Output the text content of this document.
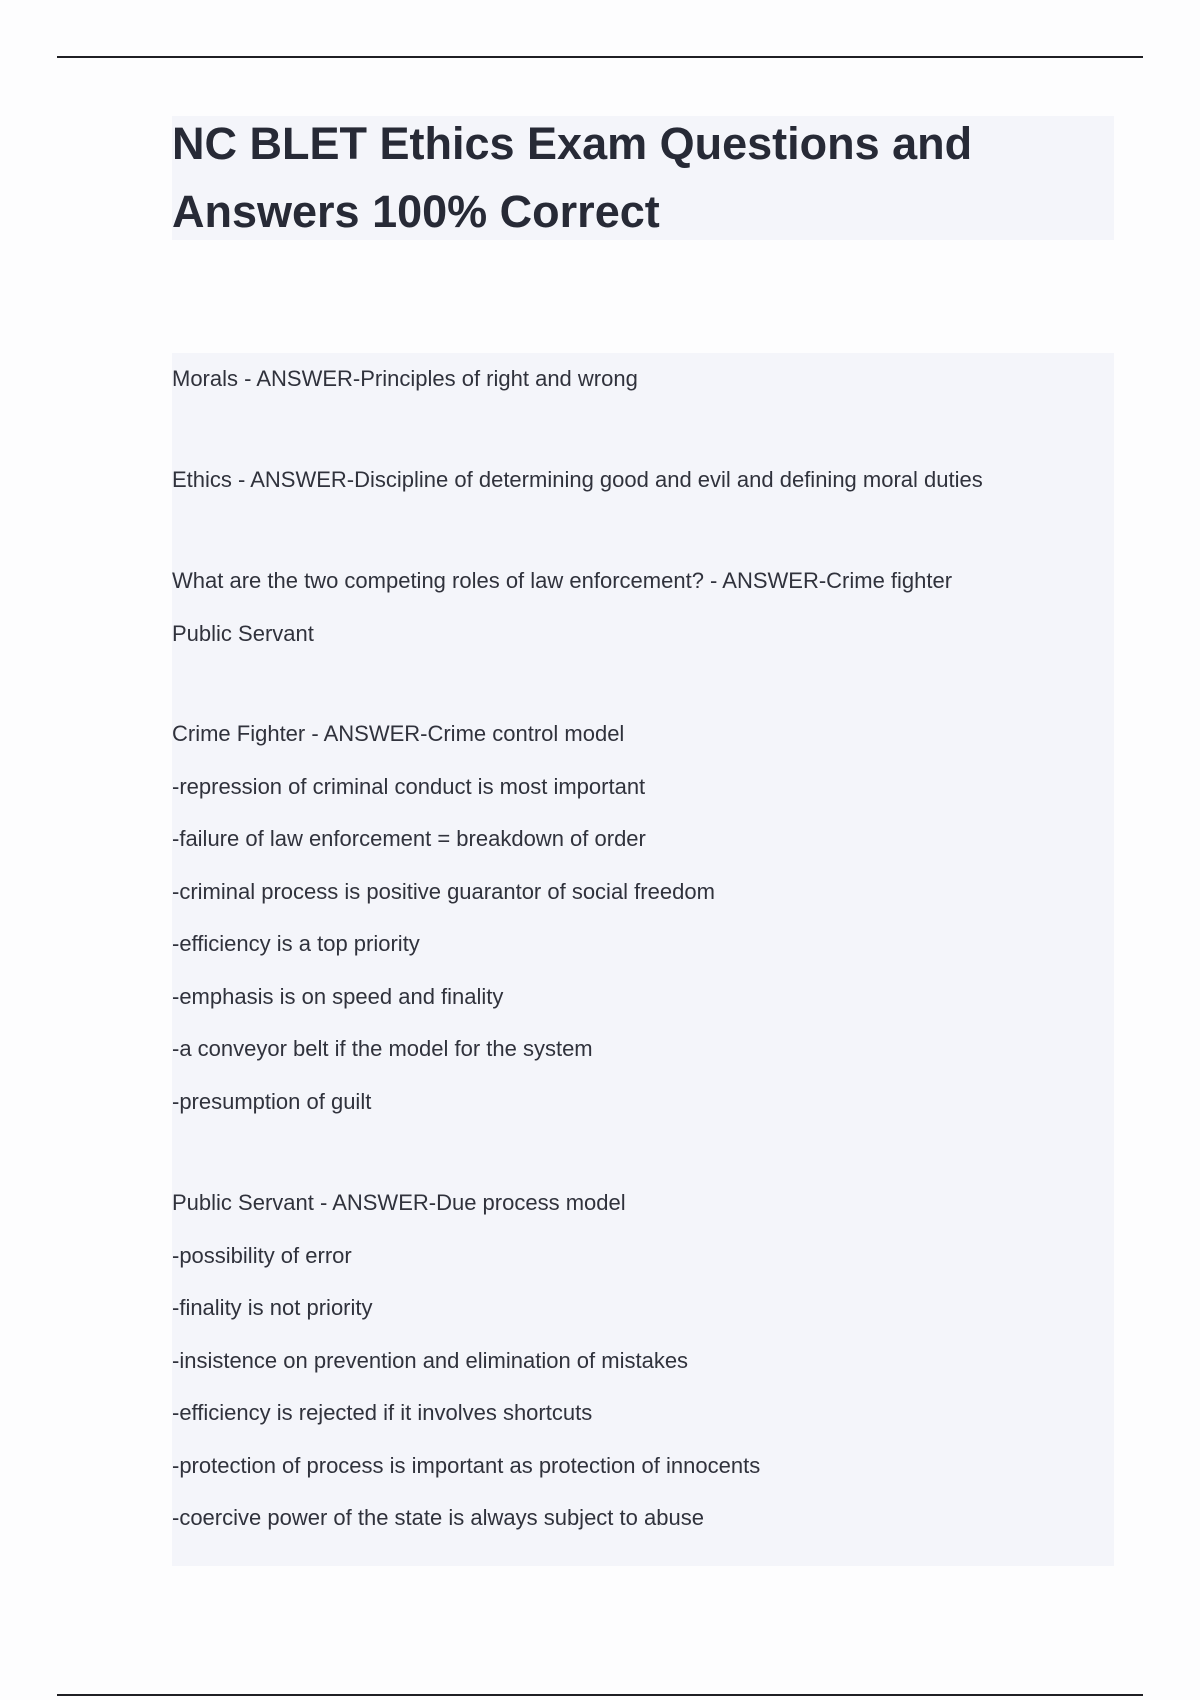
NC BLET Ethics Exam Questions and
Answers 100% Correct
Morals - ANSWER-Principles of right and wrong
Ethics - ANSWER-Discipline of determining good and evil and defining moral duties
What are the two competing roles of law enforcement? - ANSWER-Crime fighter
Public Servant
Crime Fighter - ANSWER-Crime control model
-repression of criminal conduct is most important
-failure of law enforcement = breakdown of order
-criminal process is positive guarantor of social freedom
-efficiency is a top priority
-emphasis is on speed and finality
-a conveyor belt if the model for the system
-presumption of guilt
Public Servant - ANSWER-Due process model
-possibility of error
-finality is not priority
-insistence on prevention and elimination of mistakes
-efficiency is rejected if it involves shortcuts
-protection of process is important as protection of innocents
-coercive power of the state is always subject to abuse
